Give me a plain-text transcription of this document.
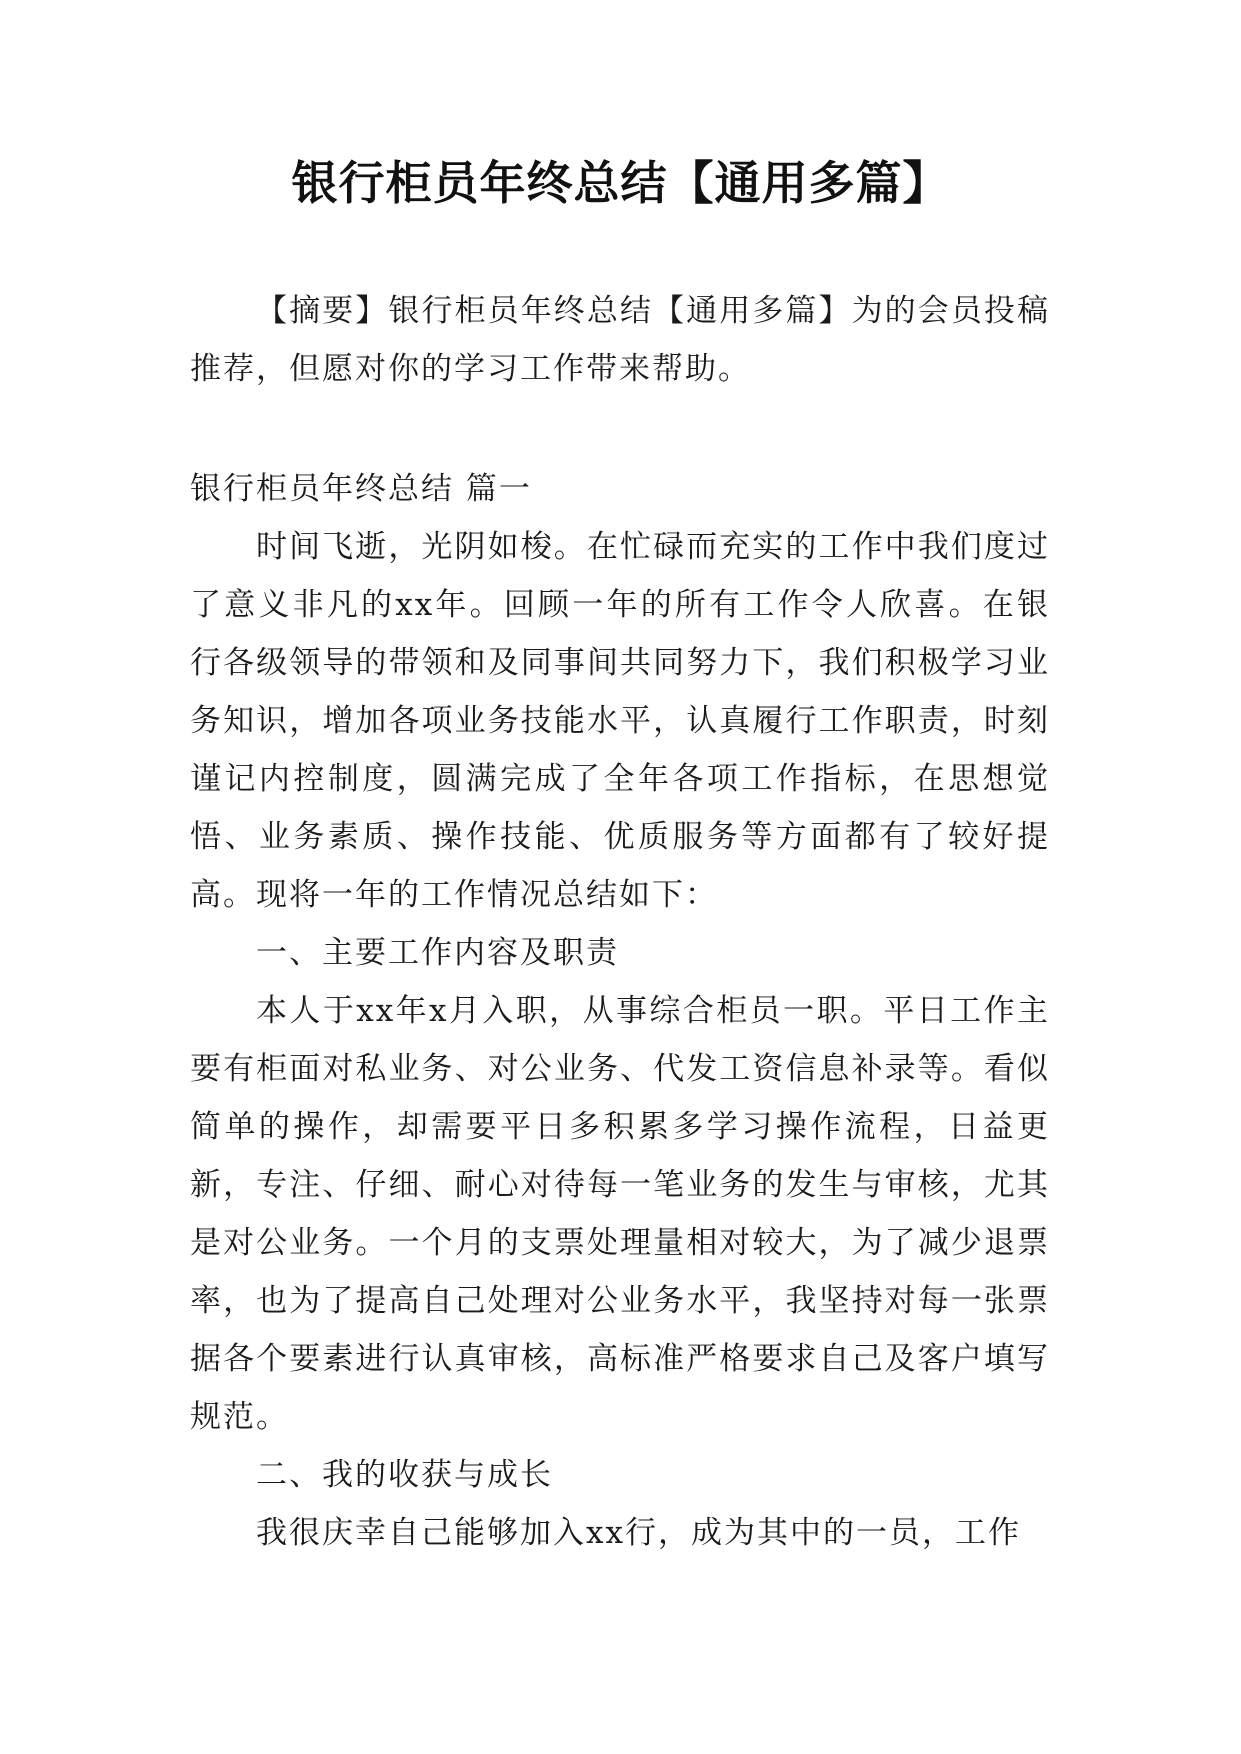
银行柜员年终总结【通用多篇】

【摘要】银行柜员年终总结【通用多篇】为的会员投稿推荐，但愿对你的学习工作带来帮助。

银行柜员年终总结 篇一

时间飞逝，光阴如梭。在忙碌而充实的工作中我们度过了意义非凡的xx年。回顾一年的所有工作令人欣喜。在银行各级领导的带领和及同事间共同努力下，我们积极学习业务知识，增加各项业务技能水平，认真履行工作职责，时刻谨记内控制度，圆满完成了全年各项工作指标，在思想觉悟、业务素质、操作技能、优质服务等方面都有了较好提高。现将一年的工作情况总结如下：

一、主要工作内容及职责

本人于xx年x月入职，从事综合柜员一职。平日工作主要有柜面对私业务、对公业务、代发工资信息补录等。看似简单的操作，却需要平日多积累多学习操作流程，日益更新，专注、仔细、耐心对待每一笔业务的发生与审核，尤其是对公业务。一个月的支票处理量相对较大，为了减少退票率，也为了提高自己处理对公业务水平，我坚持对每一张票据各个要素进行认真审核，高标准严格要求自己及客户填写规范。

二、我的收获与成长

我很庆幸自己能够加入xx行，成为其中的一员，工作
